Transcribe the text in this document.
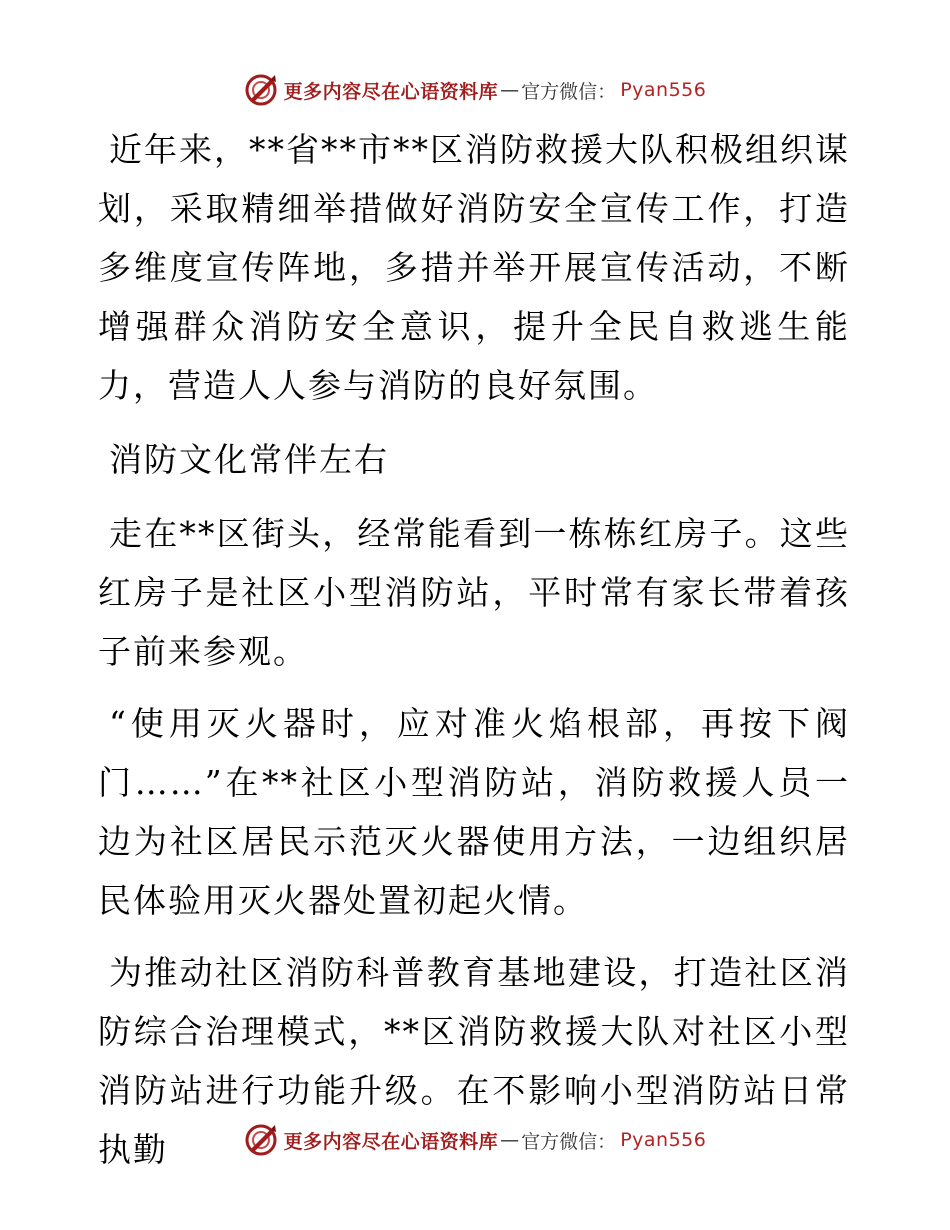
更多内容尽在心语资料库 — 官方微信： Pyan556

近年来，**省**市**区消防救援大队积极组织谋划，采取精细举措做好消防安全宣传工作，打造多维度宣传阵地，多措并举开展宣传活动，不断增强群众消防安全意识，提升全民自救逃生能力，营造人人参与消防的良好氛围。

消防文化常伴左右

走在**区街头，经常能看到一栋栋红房子。这些红房子是社区小型消防站，平时常有家长带着孩子前来参观。

“使用灭火器时，应对准火焰根部，再按下阀门……”在**社区小型消防站，消防救援人员一边为社区居民示范灭火器使用方法，一边组织居民体验用灭火器处置初起火情。

为推动社区消防科普教育基地建设，打造社区消防综合治理模式，**区消防救援大队对社区小型消防站进行功能升级。在不影响小型消防站日常执勤	更多内容尽在心语资料库 — 官方微信： Pyan556
